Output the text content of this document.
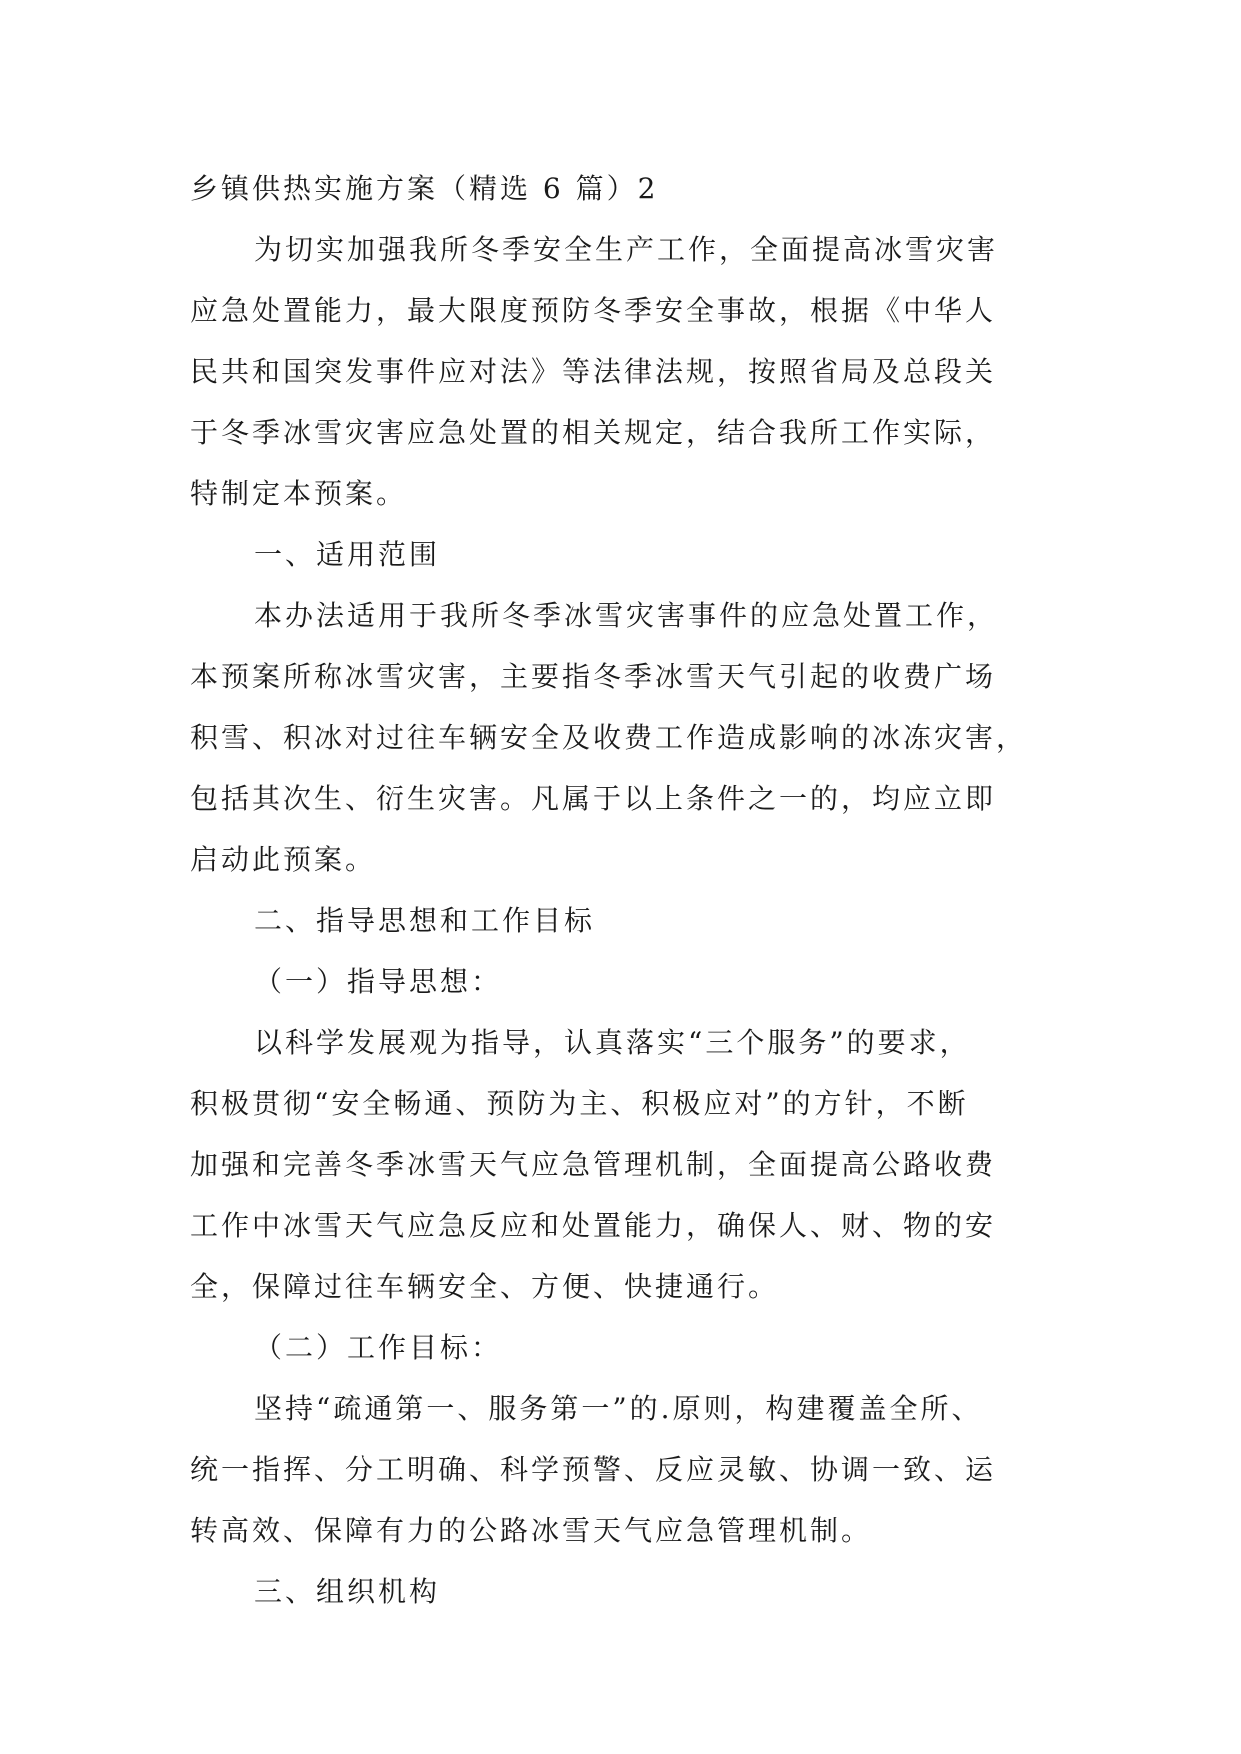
乡镇供热实施方案（精选 6 篇）2
为切实加强我所冬季安全生产工作，全面提高冰雪灾害
应急处置能力，最大限度预防冬季安全事故，根据《中华人
民共和国突发事件应对法》等法律法规，按照省局及总段关
于冬季冰雪灾害应急处置的相关规定，结合我所工作实际，
特制定本预案。
一、适用范围
本办法适用于我所冬季冰雪灾害事件的应急处置工作，
本预案所称冰雪灾害，主要指冬季冰雪天气引起的收费广场
积雪、积冰对过往车辆安全及收费工作造成影响的冰冻灾害，
包括其次生、衍生灾害。凡属于以上条件之一的，均应立即
启动此预案。
二、指导思想和工作目标
（一）指导思想：
以科学发展观为指导，认真落实“三个服务”的要求，
积极贯彻“安全畅通、预防为主、积极应对”的方针，不断
加强和完善冬季冰雪天气应急管理机制，全面提高公路收费
工作中冰雪天气应急反应和处置能力，确保人、财、物的安
全，保障过往车辆安全、方便、快捷通行。
（二）工作目标：
坚持“疏通第一、服务第一”的.原则，构建覆盖全所、
统一指挥、分工明确、科学预警、反应灵敏、协调一致、运
转高效、保障有力的公路冰雪天气应急管理机制。
三、组织机构
